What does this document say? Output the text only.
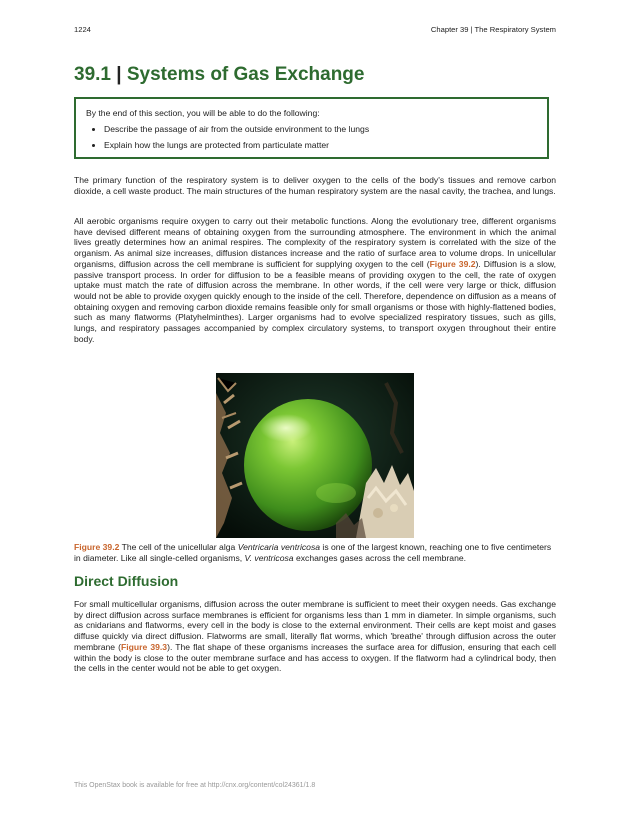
1224	Chapter 39 | The Respiratory System
39.1 | Systems of Gas Exchange
By the end of this section, you will be able to do the following:
• Describe the passage of air from the outside environment to the lungs
• Explain how the lungs are protected from particulate matter

The primary function of the respiratory system is to deliver oxygen to the cells of the body's tissues and remove carbon dioxide, a cell waste product. The main structures of the human respiratory system are the nasal cavity, the trachea, and lungs.

All aerobic organisms require oxygen to carry out their metabolic functions. Along the evolutionary tree, different organisms have devised different means of obtaining oxygen from the surrounding atmosphere. The environment in which the animal lives greatly determines how an animal respires. The complexity of the respiratory system is correlated with the size of the organism. As animal size increases, diffusion distances increase and the ratio of surface area to volume drops. In unicellular organisms, diffusion across the cell membrane is sufficient for supplying oxygen to the cell (Figure 39.2). Diffusion is a slow, passive transport process. In order for diffusion to be a feasible means of providing oxygen to the cell, the rate of oxygen uptake must match the rate of diffusion across the membrane. In other words, if the cell were very large or thick, diffusion would not be able to provide oxygen quickly enough to the inside of the cell. Therefore, dependence on diffusion as a means of obtaining oxygen and removing carbon dioxide remains feasible only for small organisms or those with highly-flattened bodies, such as many flatworms (Platyhelminthes). Larger organisms had to evolve specialized respiratory tissues, such as gills, lungs, and respiratory passages accompanied by complex circulatory systems, to transport oxygen throughout their entire body.

Figure 39.2 The cell of the unicellular alga Ventricaria ventricosa is one of the largest known, reaching one to five centimeters in diameter. Like all single-celled organisms, V. ventricosa exchanges gases across the cell membrane.

Direct Diffusion

For small multicellular organisms, diffusion across the outer membrane is sufficient to meet their oxygen needs. Gas exchange by direct diffusion across surface membranes is efficient for organisms less than 1 mm in diameter. In simple organisms, such as cnidarians and flatworms, every cell in the body is close to the external environment. Their cells are kept moist and gases diffuse quickly via direct diffusion. Flatworms are small, literally flat worms, which 'breathe' through diffusion across the outer membrane (Figure 39.3). The flat shape of these organisms increases the surface area for diffusion, ensuring that each cell within the body is close to the outer membrane surface and has access to oxygen. If the flatworm had a cylindrical body, then the cells in the center would not be able to get oxygen.

This OpenStax book is available for free at http://cnx.org/content/col24361/1.8
